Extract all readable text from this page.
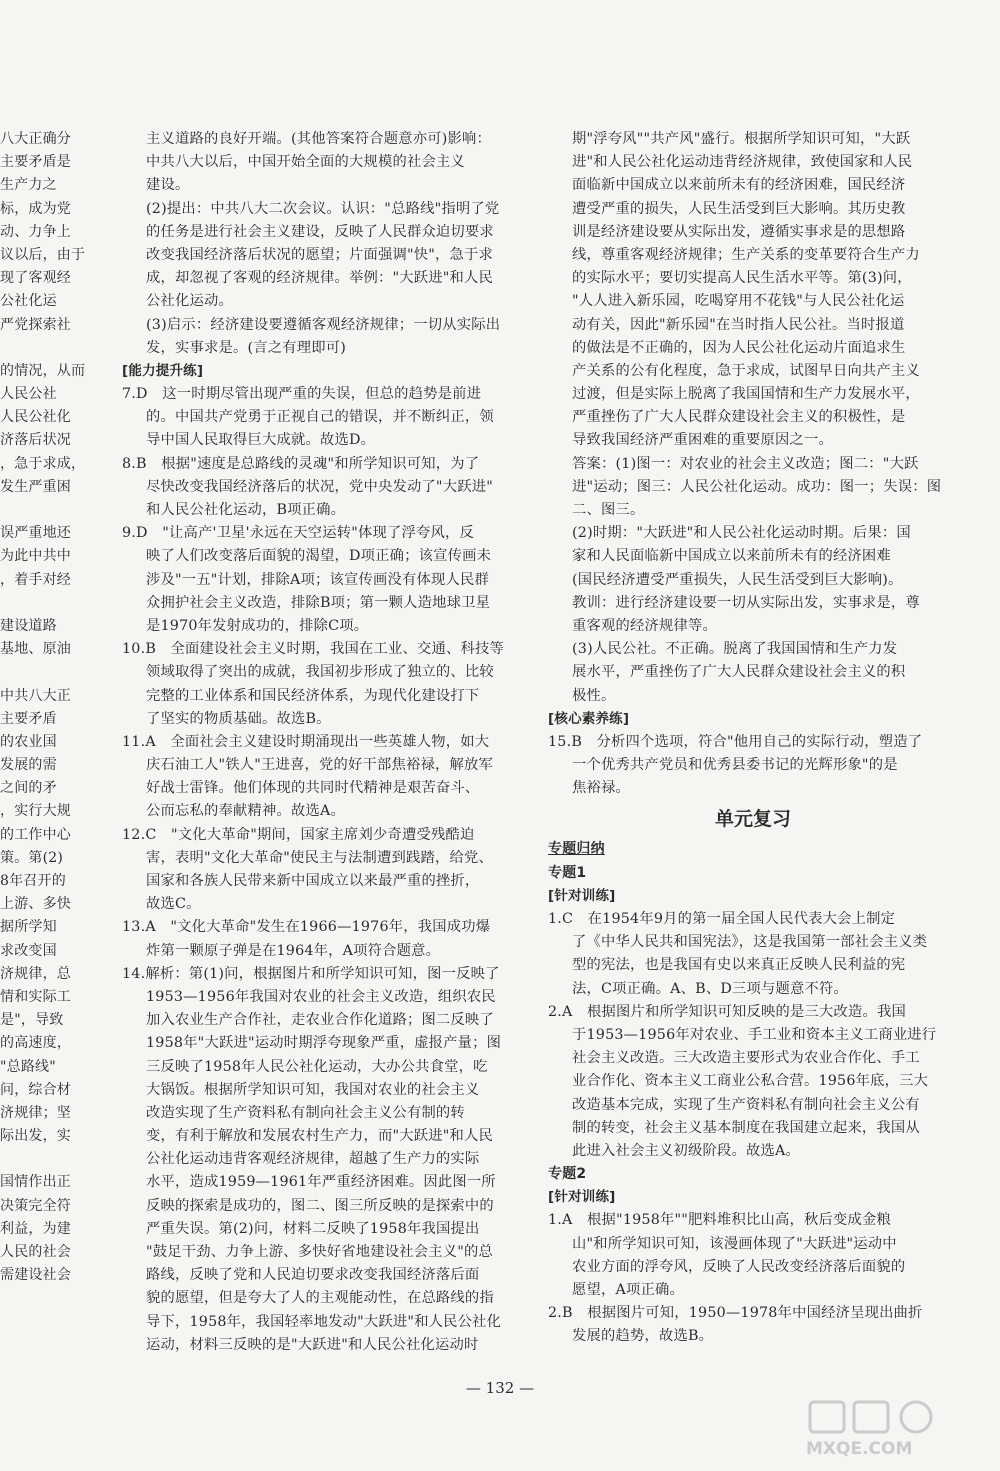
八大正确分
主要矛盾是
生产力之
标，成为党
动、力争上
议以后，由于
现了客观经
公社化运
严党探索社
的情况，从而
人民公社
人民公社化
济落后状况
，急于求成，
发生严重困
误严重地还
为此中共中
，着手对经
建设道路
基地、原油
中共八大正
主要矛盾
的农业国
发展的需
之间的矛
，实行大规
的工作中心
策。第(2)
8年召开的
上游、多快
据所学知
求改变国
济规律，总
情和实际工
是"，导致
的高速度，
"总路线"
问，综合材
济规律；坚
际出发，实
国情作出正
决策完全符
利益，为建
人民的社会
需建设社会
主义道路的良好开端。(其他答案符合题意亦可)影响：
中共八大以后，中国开始全面的大规模的社会主义
建设。
(2)提出：中共八大二次会议。认识："总路线"指明了党
的任务是进行社会主义建设，反映了人民群众迫切要求
改变我国经济落后状况的愿望；片面强调"快"，急于求
成，却忽视了客观的经济规律。举例："大跃进"和人民
公社化运动。
(3)启示：经济建设要遵循客观经济规律；一切从实际出
发，实事求是。(言之有理即可)
[能力提升练]
7.D　这一时期尽管出现严重的失误，但总的趋势是前进
的。中国共产党勇于正视自己的错误，并不断纠正，领
导中国人民取得巨大成就。故选D。
8.B　根据"速度是总路线的灵魂"和所学知识可知，为了
尽快改变我国经济落后的状况，党中央发动了"大跃进"
和人民公社化运动，B项正确。
9.D　"让高产'卫星'永远在天空运转"体现了浮夸风，反
映了人们改变落后面貌的渴望，D项正确；该宣传画未
涉及"一五"计划，排除A项；该宣传画没有体现人民群
众拥护社会主义改造，排除B项；第一颗人造地球卫星
是1970年发射成功的，排除C项。
10.B　全面建设社会主义时期，我国在工业、交通、科技等
领域取得了突出的成就，我国初步形成了独立的、比较
完整的工业体系和国民经济体系，为现代化建设打下
了坚实的物质基础。故选B。
11.A　全面社会主义建设时期涌现出一些英雄人物，如大
庆石油工人"铁人"王进喜，党的好干部焦裕禄，解放军
好战士雷锋。他们体现的共同时代精神是艰苦奋斗、
公而忘私的奉献精神。故选A。
12.C　"文化大革命"期间，国家主席刘少奇遭受残酷迫
害，表明"文化大革命"使民主与法制遭到践踏，给党、
国家和各族人民带来新中国成立以来最严重的挫折，
故选C。
13.A　"文化大革命"发生在1966—1976年，我国成功爆
炸第一颗原子弹是在1964年，A项符合题意。
14.解析：第(1)问，根据图片和所学知识可知，图一反映了
1953—1956年我国对农业的社会主义改造，组织农民
加入农业生产合作社，走农业合作化道路；图二反映了
1958年"大跃进"运动时期浮夸现象严重，虚报产量；图
三反映了1958年人民公社化运动，大办公共食堂，吃
大锅饭。根据所学知识可知，我国对农业的社会主义
改造实现了生产资料私有制向社会主义公有制的转
变，有利于解放和发展农村生产力，而"大跃进"和人民
公社化运动违背客观经济规律，超越了生产力的实际
水平，造成1959—1961年严重经济困难。因此图一所
反映的探索是成功的，图二、图三所反映的是探索中的
严重失误。第(2)问，材料二反映了1958年我国提出
"鼓足干劲、力争上游、多快好省地建设社会主义"的总
路线，反映了党和人民迫切要求改变我国经济落后面
貌的愿望，但是夸大了人的主观能动性，在总路线的指
导下，1958年，我国轻率地发动"大跃进"和人民公社化
运动，材料三反映的是"大跃进"和人民公社化运动时
期"浮夸风""共产风"盛行。根据所学知识可知，"大跃
进"和人民公社化运动违背经济规律，致使国家和人民
面临新中国成立以来前所未有的经济困难，国民经济
遭受严重的损失，人民生活受到巨大影响。其历史教
训是经济建设要从实际出发，遵循实事求是的思想路
线，尊重客观经济规律；生产关系的变革要符合生产力
的实际水平；要切实提高人民生活水平等。第(3)问，
"人人进入新乐园，吃喝穿用不花钱"与人民公社化运
动有关，因此"新乐园"在当时指人民公社。当时报道
的做法是不正确的，因为人民公社化运动片面追求生
产关系的公有化程度，急于求成，试图早日向共产主义
过渡，但是实际上脱离了我国国情和生产力发展水平，
严重挫伤了广大人民群众建设社会主义的积极性，是
导致我国经济严重困难的重要原因之一。
答案：(1)图一：对农业的社会主义改造；图二："大跃
进"运动；图三：人民公社化运动。成功：图一；失误：图
二、图三。
(2)时期："大跃进"和人民公社化运动时期。后果：国
家和人民面临新中国成立以来前所未有的经济困难
(国民经济遭受严重损失，人民生活受到巨大影响)。
教训：进行经济建设要一切从实际出发，实事求是，尊
重客观的经济规律等。
(3)人民公社。不正确。脱离了我国国情和生产力发
展水平，严重挫伤了广大人民群众建设社会主义的积
极性。
[核心素养练]
15.B　分析四个选项，符合"他用自己的实际行动，塑造了
一个优秀共产党员和优秀县委书记的光辉形象"的是
焦裕禄。
单元复习
专题归纳
专题1
[针对训练]
1.C　在1954年9月的第一届全国人民代表大会上制定
了《中华人民共和国宪法》，这是我国第一部社会主义类
型的宪法，也是我国有史以来真正反映人民利益的宪
法，C项正确。A、B、D三项与题意不符。
2.A　根据图片和所学知识可知反映的是三大改造。我国
于1953—1956年对农业、手工业和资本主义工商业进行
社会主义改造。三大改造主要形式为农业合作化、手工
业合作化、资本主义工商业公私合营。1956年底，三大
改造基本完成，实现了生产资料私有制向社会主义公有
制的转变，社会主义基本制度在我国建立起来，我国从
此进入社会主义初级阶段。故选A。
专题2
[针对训练]
1.A　根据"1958年""肥料堆积比山高，秋后变成金粮
山"和所学知识可知，该漫画体现了"大跃进"运动中
农业方面的浮夸风，反映了人民改变经济落后面貌的
愿望，A项正确。
2.B　根据图片可知，1950—1978年中国经济呈现出曲折
发展的趋势，故选B。
— 132 —
MXQE.COM
